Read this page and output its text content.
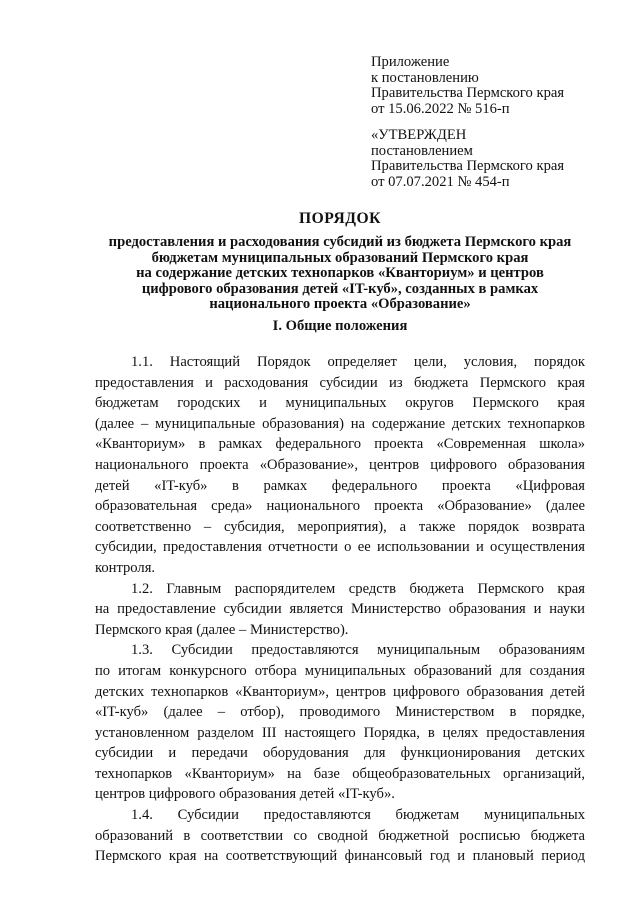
Приложение
к постановлению
Правительства Пермского края
от 15.06.2022 № 516-п
«УТВЕРЖДЕН
постановлением
Правительства Пермского края
от 07.07.2021 № 454-п
ПОРЯДОК
предоставления и расходования субсидий из бюджета Пермского края
бюджетам муниципальных образований Пермского края
на содержание детских технопарков «Кванториум» и центров
цифрового образования детей «IT-куб», созданных в рамках
национального проекта «Образование»
I. Общие положения

1.1. Настоящий Порядок определяет цели, условия, порядок
предоставления и расходования субсидии из бюджета Пермского края
бюджетам городских и муниципальных округов Пермского края
(далее – муниципальные образования) на содержание детских технопарков
«Кванториум» в рамках федерального проекта «Современная школа»
национального проекта «Образование», центров цифрового образования
детей «IT-куб» в рамках федерального проекта «Цифровая
образовательная среда» национального проекта «Образование» (далее
соответственно – субсидия, мероприятия), а также порядок возврата
субсидии, предоставления отчетности о ее использовании и осуществления
контроля.

1.2. Главным распорядителем средств бюджета Пермского края
на предоставление субсидии является Министерство образования и науки
Пермского края (далее – Министерство).

1.3. Субсидии предоставляются муниципальным образованиям
по итогам конкурсного отбора муниципальных образований для создания
детских технопарков «Кванториум», центров цифрового образования детей
«IT-куб» (далее – отбор), проводимого Министерством в порядке,
установленном разделом III настоящего Порядка, в целях предоставления
субсидии и передачи оборудования для функционирования детских
технопарков «Кванториум» на базе общеобразовательных организаций,
центров цифрового образования детей «IT-куб».

1.4. Субсидии предоставляются бюджетам муниципальных
образований в соответствии со сводной бюджетной росписью бюджета
Пермского края на соответствующий финансовый год и плановый период
